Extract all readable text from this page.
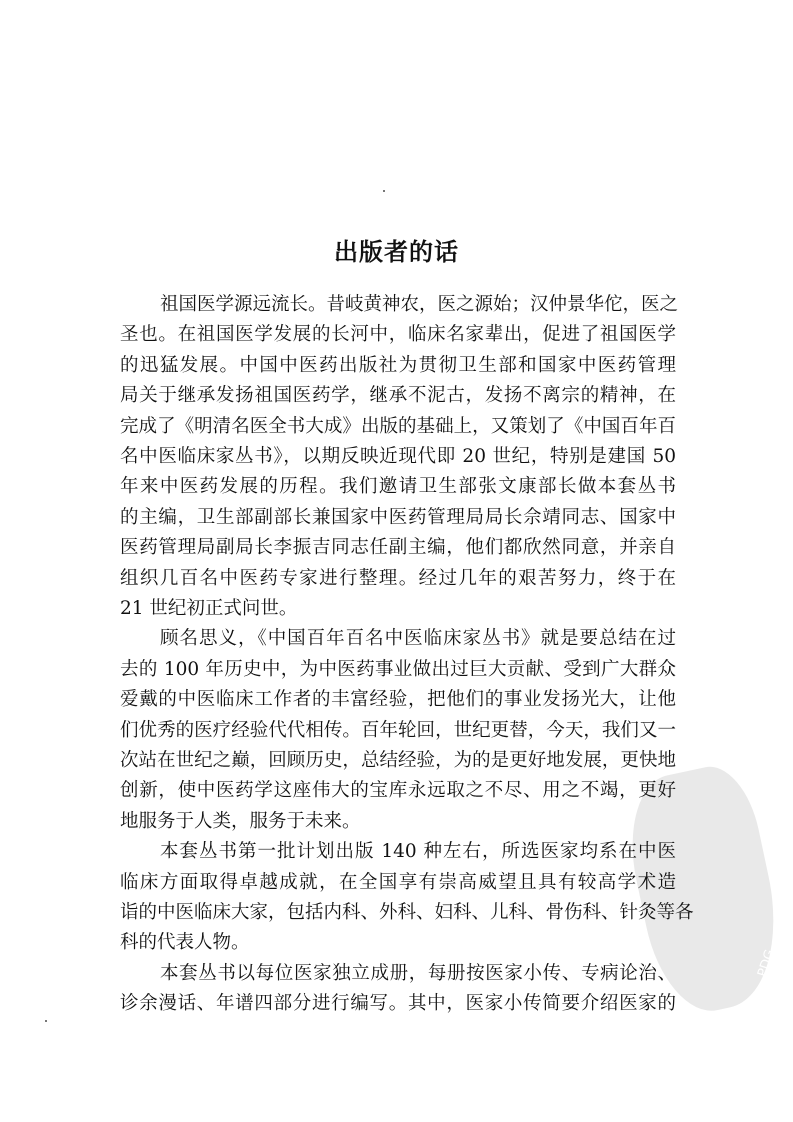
PDG
出版者的话
祖国医学源远流长。昔岐黄神农，医之源始；汉仲景华佗，医之
圣也。在祖国医学发展的长河中，临床名家辈出，促进了祖国医学
的迅猛发展。中国中医药出版社为贯彻卫生部和国家中医药管理
局关于继承发扬祖国医药学，继承不泥古，发扬不离宗的精神，在
完成了《明清名医全书大成》出版的基础上，又策划了《中国百年百
名中医临床家丛书》，以期反映近现代即 20 世纪，特别是建国 50
年来中医药发展的历程。我们邀请卫生部张文康部长做本套丛书
的主编，卫生部副部长兼国家中医药管理局局长佘靖同志、国家中
医药管理局副局长李振吉同志任副主编，他们都欣然同意，并亲自
组织几百名中医药专家进行整理。经过几年的艰苦努力，终于在
21 世纪初正式问世。
顾名思义，《中国百年百名中医临床家丛书》就是要总结在过
去的 100 年历史中，为中医药事业做出过巨大贡献、受到广大群众
爱戴的中医临床工作者的丰富经验，把他们的事业发扬光大，让他
们优秀的医疗经验代代相传。百年轮回，世纪更替，今天，我们又一
次站在世纪之巅，回顾历史，总结经验，为的是更好地发展，更快地
创新，使中医药学这座伟大的宝库永远取之不尽、用之不竭，更好
地服务于人类，服务于未来。
本套丛书第一批计划出版 140 种左右，所选医家均系在中医
临床方面取得卓越成就，在全国享有崇高威望且具有较高学术造
诣的中医临床大家，包括内科、外科、妇科、儿科、骨伤科、针灸等各
科的代表人物。
本套丛书以每位医家独立成册，每册按医家小传、专病论治、
诊余漫话、年谱四部分进行编写。其中，医家小传简要介绍医家的
